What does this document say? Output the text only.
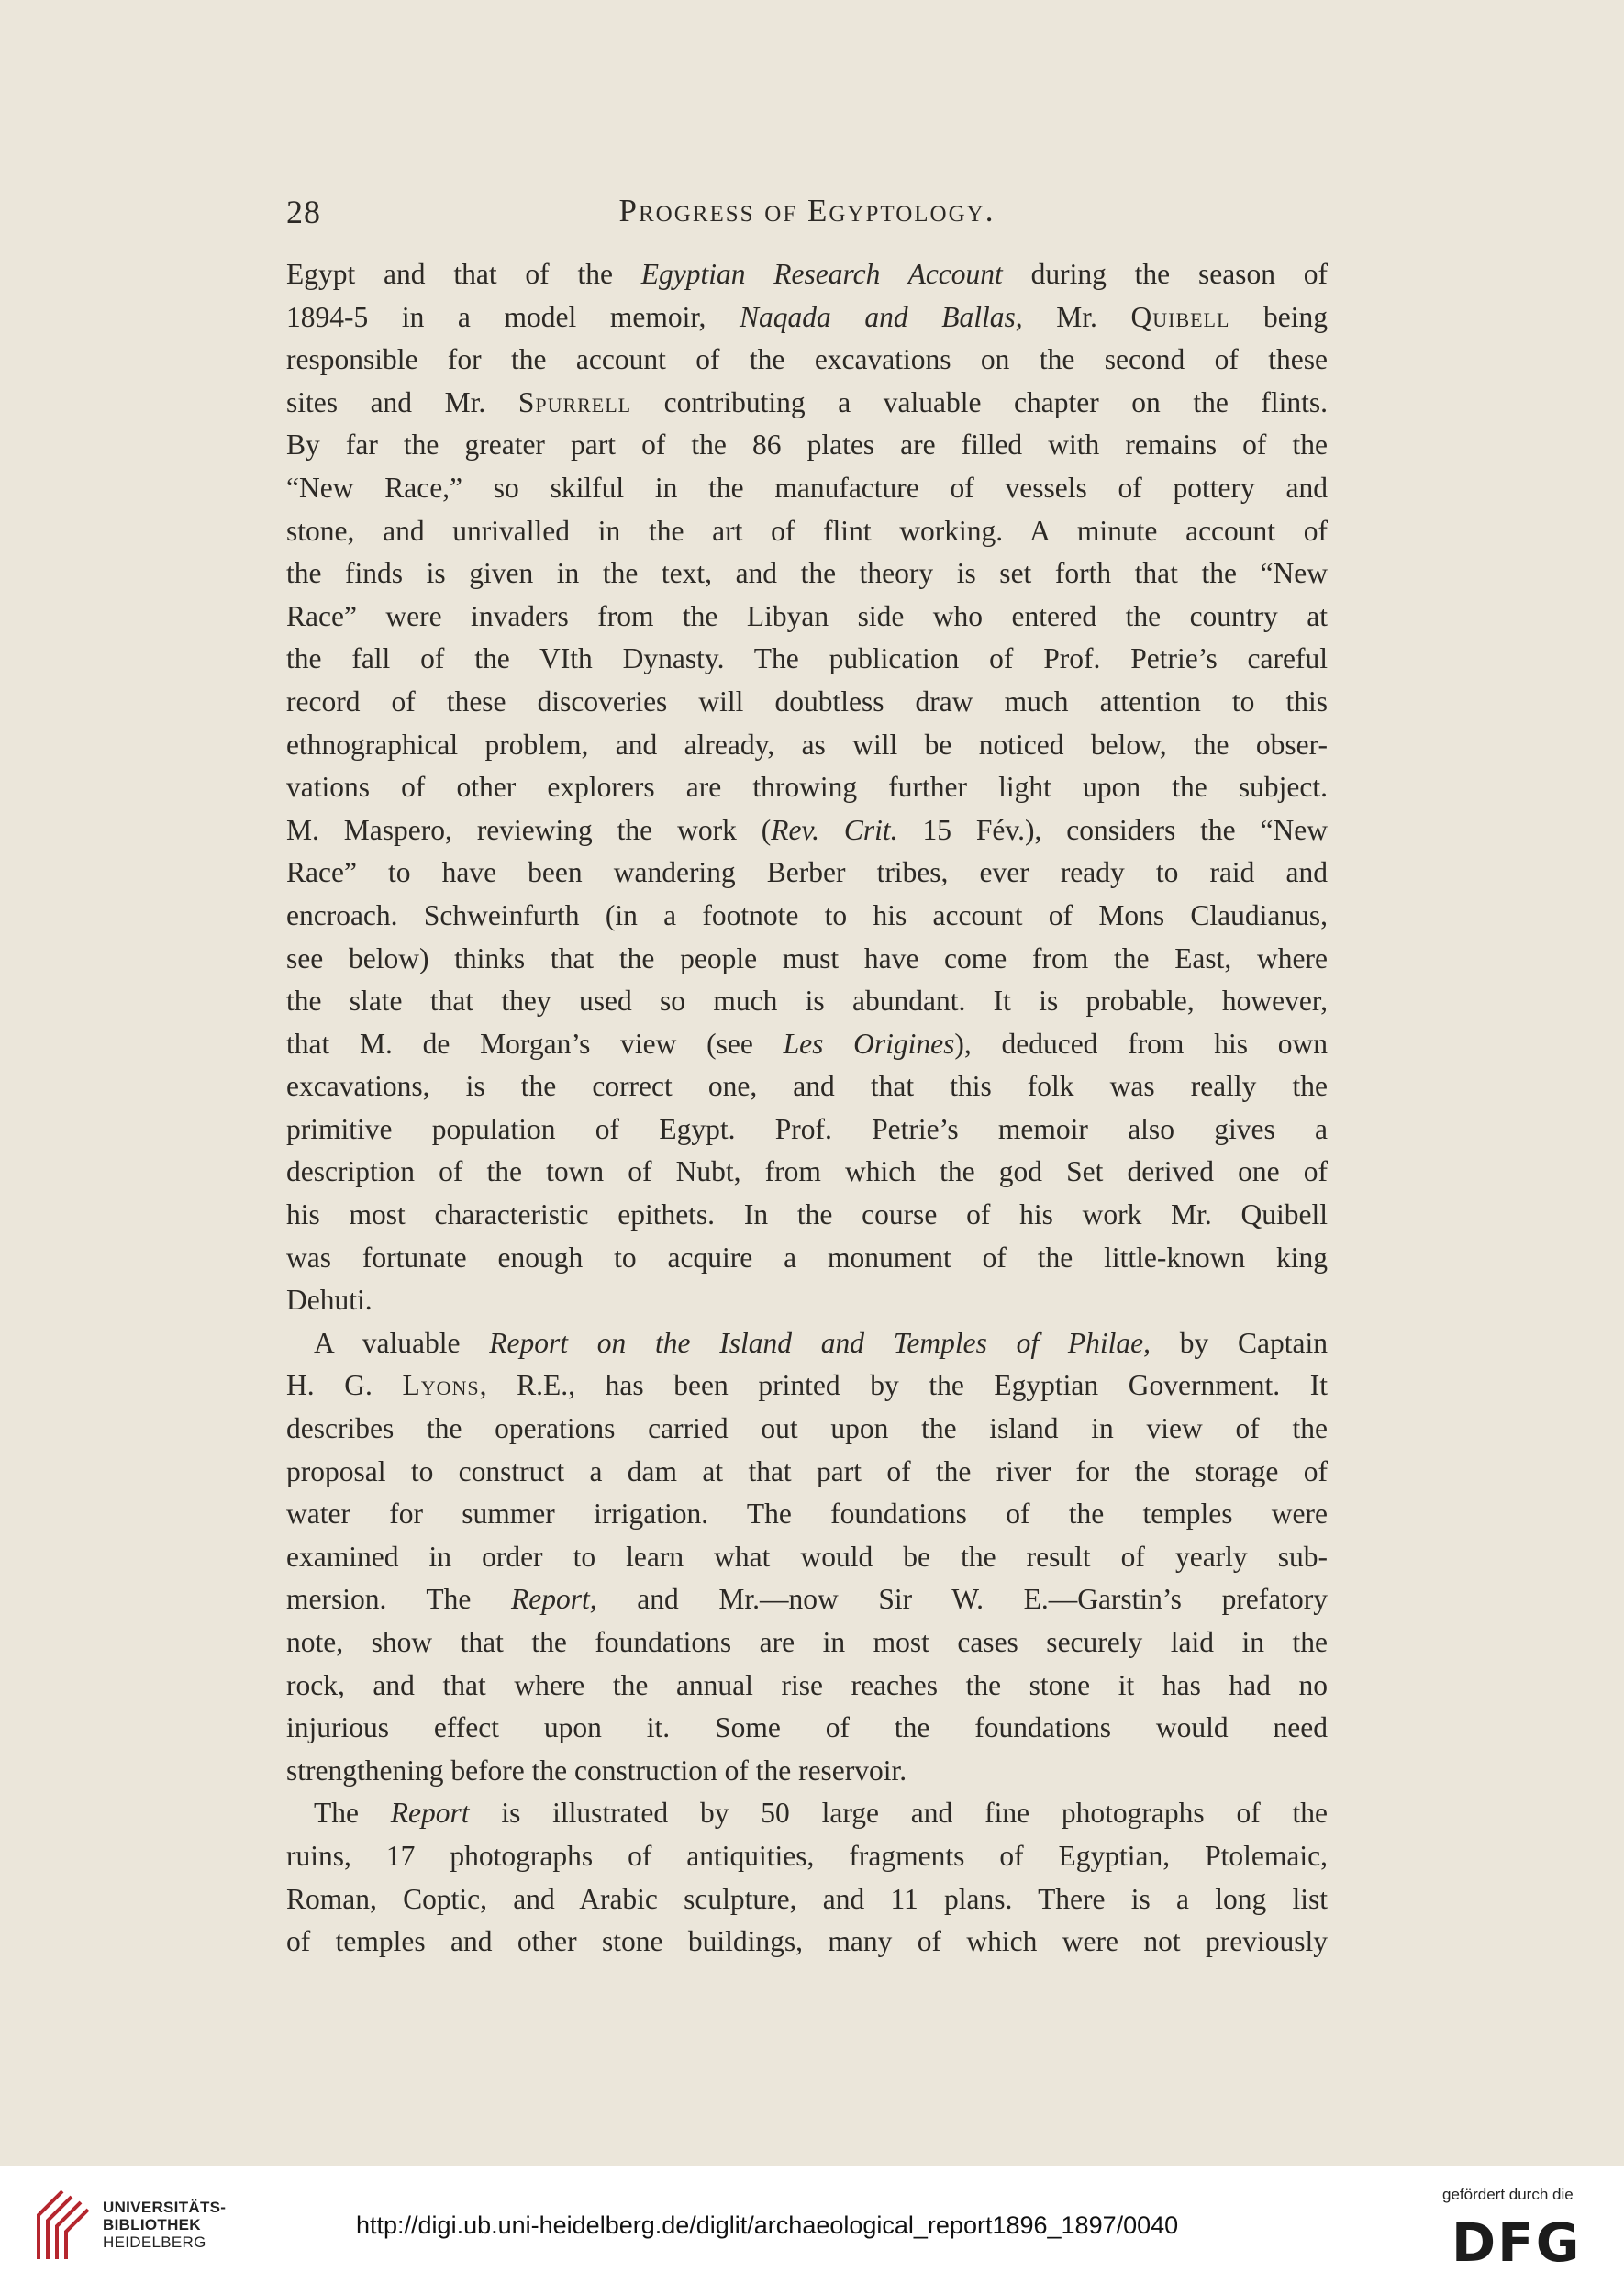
28	Progress of Egyptology.
Egypt and that of the Egyptian Research Account during the season of
1894-5 in a model memoir, Naqada and Ballas, Mr. Quibell being
responsible for the account of the excavations on the second of these
sites and Mr. Spurrell contributing a valuable chapter on the flints.
By far the greater part of the 86 plates are filled with remains of the
“New Race,” so skilful in the manufacture of vessels of pottery and
stone, and unrivalled in the art of flint working. A minute account of
the finds is given in the text, and the theory is set forth that the “New
Race” were invaders from the Libyan side who entered the country at
the fall of the VIth Dynasty. The publication of Prof. Petrie’s careful
record of these discoveries will doubtless draw much attention to this
ethnographical problem, and already, as will be noticed below, the obser-
vations of other explorers are throwing further light upon the subject.
M. Maspero, reviewing the work (Rev. Crit. 15 Fév.), considers the “New
Race” to have been wandering Berber tribes, ever ready to raid and
encroach. Schweinfurth (in a footnote to his account of Mons Claudianus,
see below) thinks that the people must have come from the East, where
the slate that they used so much is abundant. It is probable, however,
that M. de Morgan’s view (see Les Origines), deduced from his own
excavations, is the correct one, and that this folk was really the
primitive population of Egypt. Prof. Petrie’s memoir also gives a
description of the town of Nubt, from which the god Set derived one of
his most characteristic epithets. In the course of his work Mr. Quibell
was fortunate enough to acquire a monument of the little-known king
Dehuti.
A valuable Report on the Island and Temples of Philae, by Captain
H. G. Lyons, R.E., has been printed by the Egyptian Government. It
describes the operations carried out upon the island in view of the
proposal to construct a dam at that part of the river for the storage of
water for summer irrigation. The foundations of the temples were
examined in order to learn what would be the result of yearly sub-
mersion. The Report, and Mr.—now Sir W. E.—Garstin’s prefatory
note, show that the foundations are in most cases securely laid in the
rock, and that where the annual rise reaches the stone it has had no
injurious effect upon it. Some of the foundations would need
strengthening before the construction of the reservoir.
The Report is illustrated by 50 large and fine photographs of the
ruins, 17 photographs of antiquities, fragments of Egyptian, Ptolemaic,
Roman, Coptic, and Arabic sculpture, and 11 plans. There is a long list
of temples and other stone buildings, many of which were not previously
UNIVERSITÄTS-
BIBLIOTHEK
HEIDELBERG
http://digi.ub.uni-heidelberg.de/diglit/archaeological_report1896_1897/0040
gefördert durch die
DFG
